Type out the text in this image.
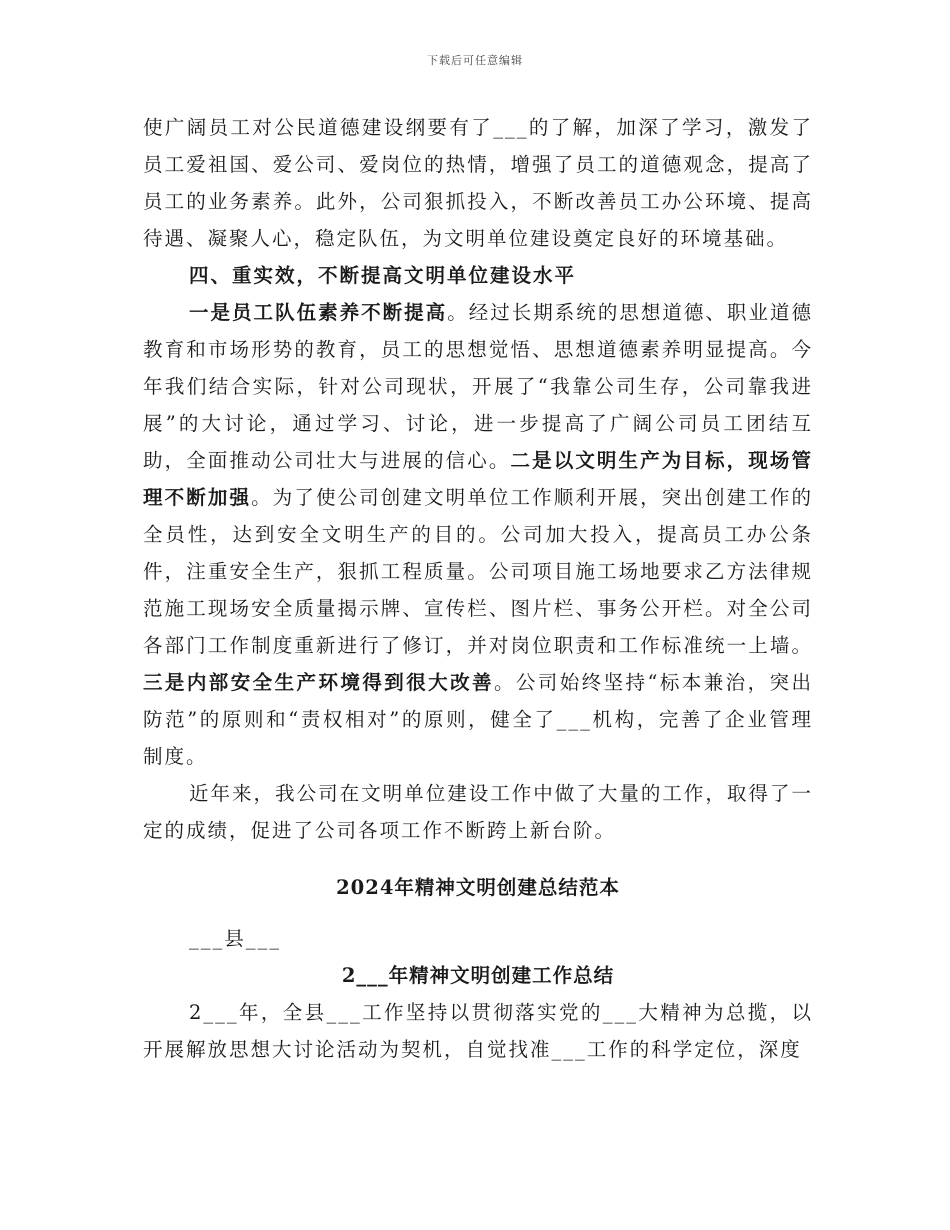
下载后可任意编辑

使广阔员工对公民道德建设纲要有了___的了解，加深了学习，激发了员工爱祖国、爱公司、爱岗位的热情，增强了员工的道德观念，提高了员工的业务素养。此外，公司狠抓投入，不断改善员工办公环境、提高待遇、凝聚人心，稳定队伍，为文明单位建设奠定良好的环境基础。

四、重实效，不断提高文明单位建设水平

一是员工队伍素养不断提高。经过长期系统的思想道德、职业道德教育和市场形势的教育，员工的思想觉悟、思想道德素养明显提高。今年我们结合实际，针对公司现状，开展了“我靠公司生存，公司靠我进展”的大讨论，通过学习、讨论，进一步提高了广阔公司员工团结互助，全面推动公司壮大与进展的信心。二是以文明生产为目标，现场管理不断加强。为了使公司创建文明单位工作顺利开展，突出创建工作的全员性，达到安全文明生产的目的。公司加大投入，提高员工办公条件，注重安全生产，狠抓工程质量。公司项目施工场地要求乙方法律规范施工现场安全质量揭示牌、宣传栏、图片栏、事务公开栏。对全公司各部门工作制度重新进行了修订，并对岗位职责和工作标准统一上墙。三是内部安全生产环境得到很大改善。公司始终坚持“标本兼治，突出防范”的原则和“责权相对”的原则，健全了___机构，完善了企业管理制度。

近年来，我公司在文明单位建设工作中做了大量的工作，取得了一定的成绩，促进了公司各项工作不断跨上新台阶。

2024年精神文明创建总结范本

___县___

2___年精神文明创建工作总结

2___年，全县___工作坚持以贯彻落实党的___大精神为总揽，以开展解放思想大讨论活动为契机，自觉找准___工作的科学定位，深度
